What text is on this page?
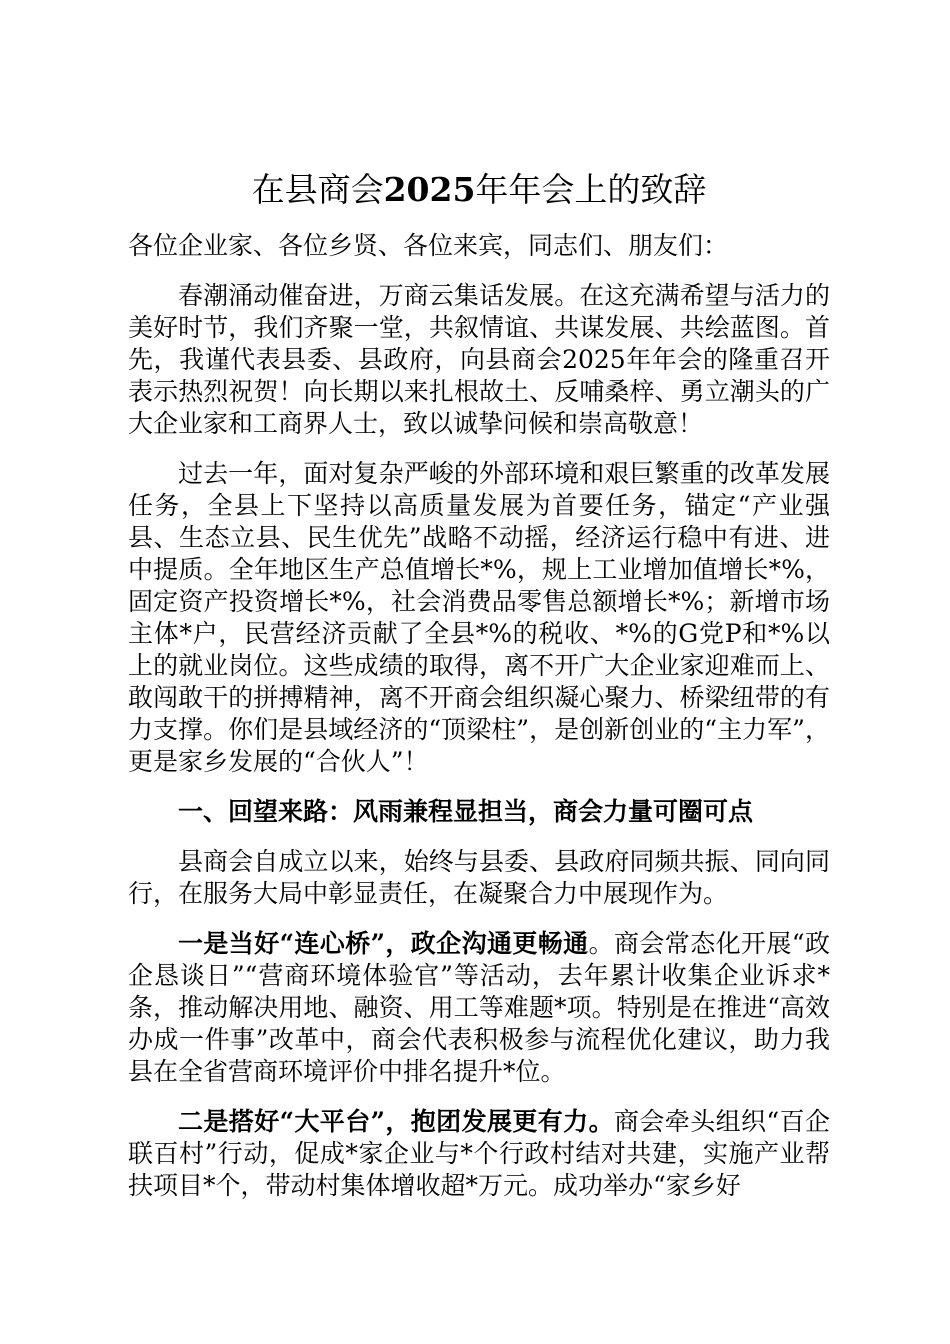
在县商会2025年年会上的致辞

各位企业家、各位乡贤、各位来宾，同志们、朋友们：

春潮涌动催奋进，万商云集话发展。在这充满希望与活力的美好时节，我们齐聚一堂，共叙情谊、共谋发展、共绘蓝图。首先，我谨代表县委、县政府，向县商会2025年年会的隆重召开表示热烈祝贺！向长期以来扎根故土、反哺桑梓、勇立潮头的广大企业家和工商界人士，致以诚挚问候和崇高敬意！

过去一年，面对复杂严峻的外部环境和艰巨繁重的改革发展任务，全县上下坚持以高质量发展为首要任务，锚定“产业强县、生态立县、民生优先”战略不动摇，经济运行稳中有进、进中提质。全年地区生产总值增长*%，规上工业增加值增长*%，固定资产投资增长*%，社会消费品零售总额增长*%；新增市场主体*户，民营经济贡献了全县*%的税收、*%的G党P和*%以上的就业岗位。这些成绩的取得，离不开广大企业家迎难而上、敢闯敢干的拼搏精神，离不开商会组织凝心聚力、桥梁纽带的有力支撑。你们是县域经济的“顶梁柱”，是创新创业的“主力军”，更是家乡发展的“合伙人”！

一、回望来路：风雨兼程显担当，商会力量可圈可点

县商会自成立以来，始终与县委、县政府同频共振、同向同行，在服务大局中彰显责任，在凝聚合力中展现作为。

一是当好“连心桥”，政企沟通更畅通。商会常态化开展“政企恳谈日”“营商环境体验官”等活动，去年累计收集企业诉求*条，推动解决用地、融资、用工等难题*项。特别是在推进“高效办成一件事”改革中，商会代表积极参与流程优化建议，助力我县在全省营商环境评价中排名提升*位。

二是搭好“大平台”，抱团发展更有力。商会牵头组织“百企联百村”行动，促成*家企业与*个行政村结对共建，实施产业帮扶项目*个，带动村集体增收超*万元。成功举办“家乡好
